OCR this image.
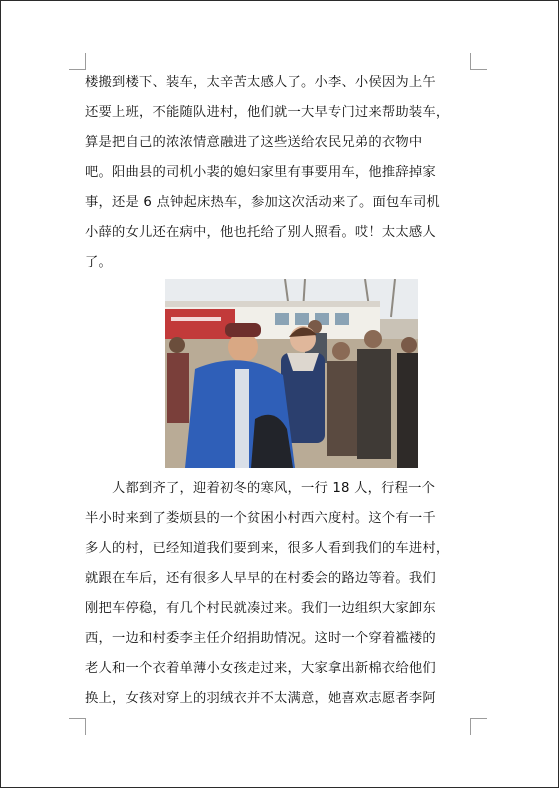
楼搬到楼下、装车，太辛苦太感人了。小李、小侯因为上午
还要上班，不能随队进村，他们就一大早专门过来帮助装车，
算是把自己的浓浓情意融进了这些送给农民兄弟的衣物中
吧。阳曲县的司机小裴的媳妇家里有事要用车，他推辞掉家
事，还是 6 点钟起床热车，参加这次活动来了。面包车司机
小薛的女儿还在病中，他也托给了别人照看。哎！太太感人
了。
　　人都到齐了，迎着初冬的寒风，一行 18 人，行程一个
半小时来到了娄烦县的一个贫困小村西六度村。这个有一千
多人的村，已经知道我们要到来，很多人看到我们的车进村，
就跟在车后，还有很多人早早的在村委会的路边等着。我们
刚把车停稳，有几个村民就凑过来。我们一边组织大家卸东
西，一边和村委李主任介绍捐助情况。这时一个穿着褴褛的
老人和一个衣着单薄小女孩走过来，大家拿出新棉衣给他们
换上，女孩对穿上的羽绒衣并不太满意，她喜欢志愿者李阿
